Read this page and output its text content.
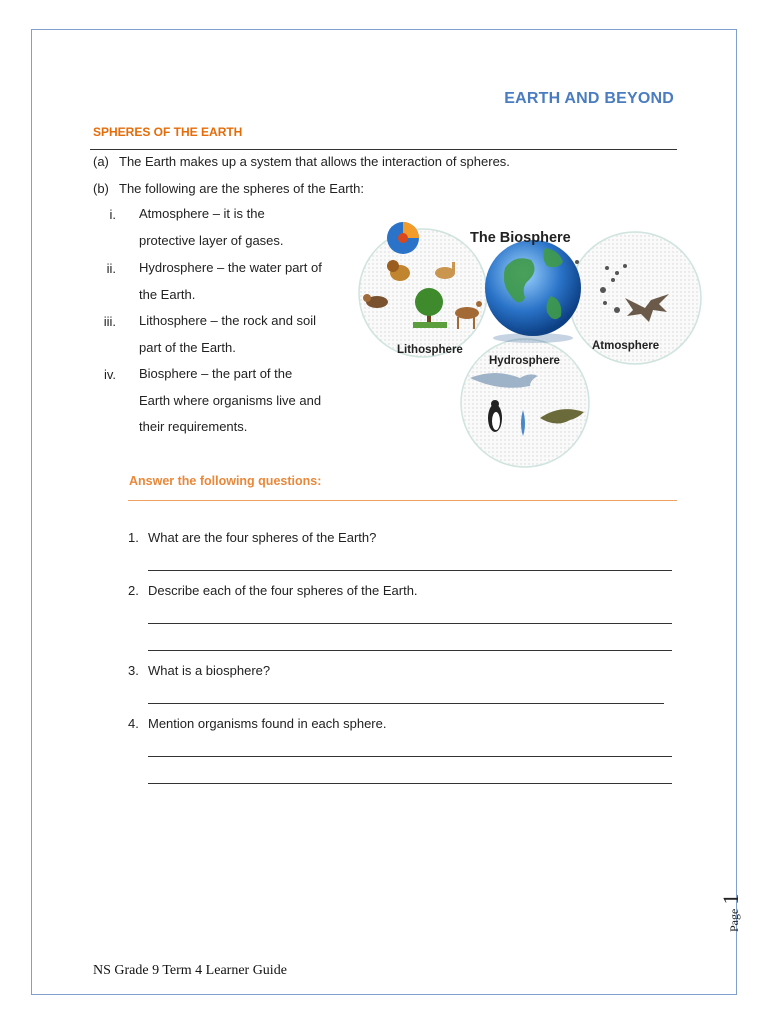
EARTH AND BEYOND
SPHERES OF THE EARTH
(a) The Earth makes up a system that allows the interaction of spheres.
(b) The following are the spheres of the Earth:
i. Atmosphere – it is the protective layer of gases.
ii. Hydrosphere – the water part of the Earth.
iii. Lithosphere – the rock and soil part of the Earth.
iv. Biosphere – the part of the Earth where organisms live and their requirements.
The Biosphere
Lithosphere
Hydrosphere
Atmosphere
Answer the following questions:
1. What are the four spheres of the Earth?
2. Describe each of the four spheres of the Earth.
3. What is a biosphere?
4. Mention organisms found in each sphere.
Page 1
NS Grade 9 Term 4 Learner Guide
